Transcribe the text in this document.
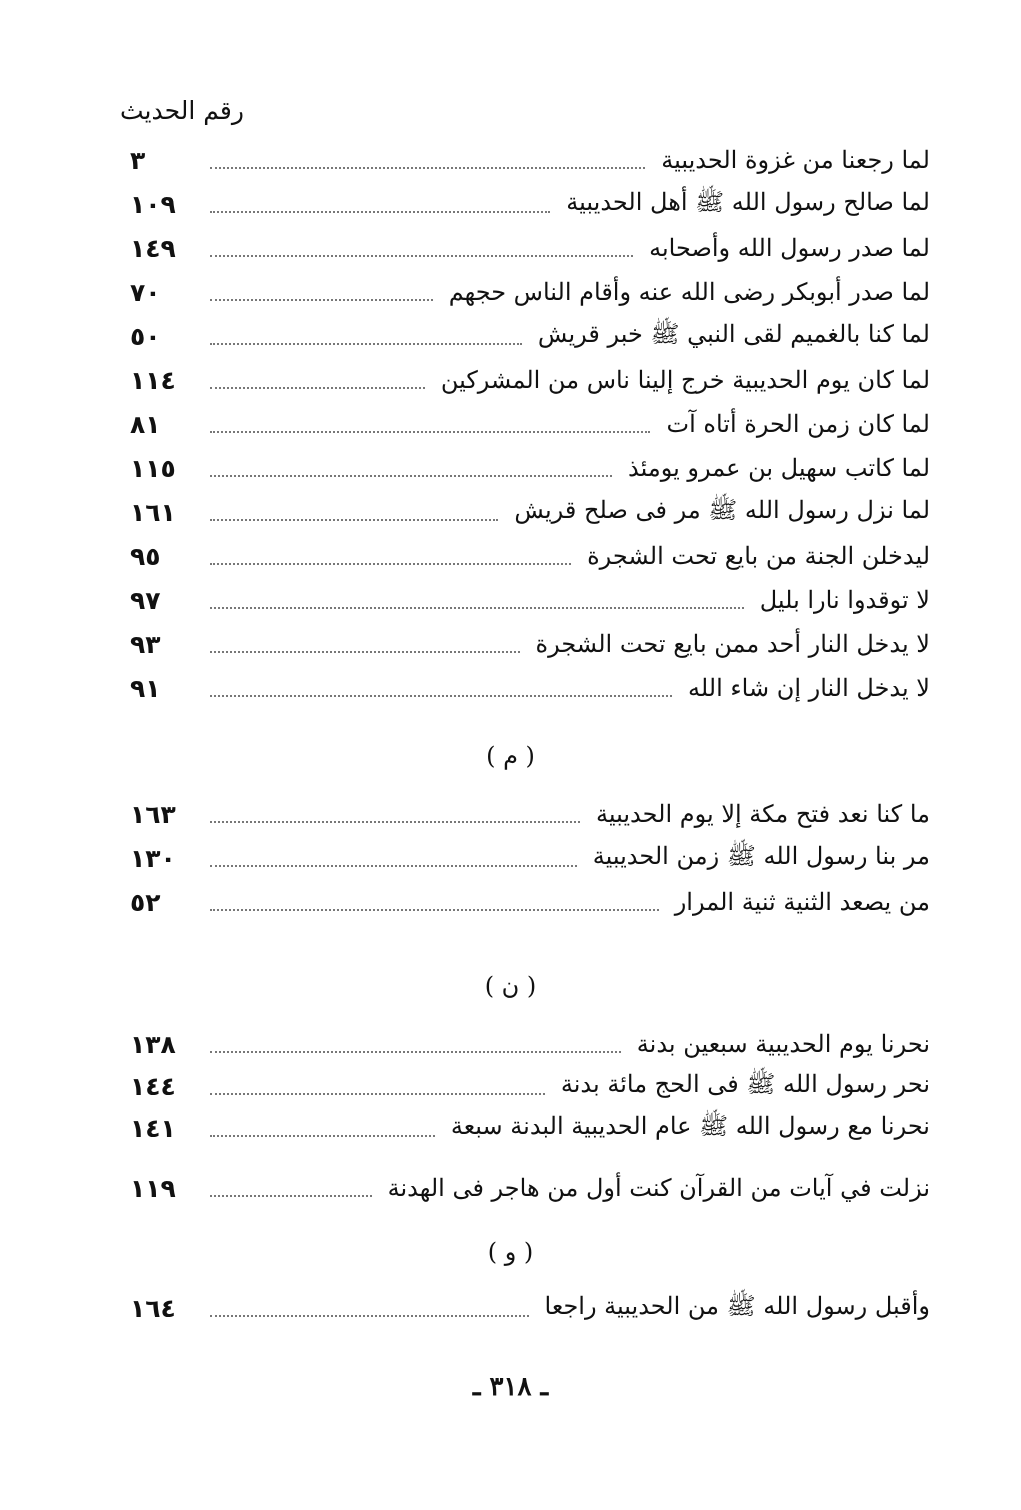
رقم الحديث
لما رجعنا من غزوة الحديبية
٣
لما صالح رسول الله ﷺ أهل الحديبية
١٠٩
لما صدر رسول الله وأصحابه
١٤٩
لما صدر أبوبكر رضى الله عنه وأقام الناس حجهم
٧٠
لما كنا بالغميم لقى النبي ﷺ خبر قريش
٥٠
لما كان يوم الحديبية خرج إلينا ناس من المشركين
١١٤
لما كان زمن الحرة أتاه آت
٨١
لما كاتب سهيل بن عمرو يومئذ
١١٥
لما نزل رسول الله ﷺ مر فى صلح قريش
١٦١
ليدخلن الجنة من بايع تحت الشجرة
٩٥
لا توقدوا نارا بليل
٩٧
لا يدخل النار أحد ممن بايع تحت الشجرة
٩٣
لا يدخل النار إن شاء الله
٩١
( م )
ما كنا نعد فتح مكة إلا يوم الحديبية
١٦٣
مر بنا رسول الله ﷺ زمن الحديبية
١٣٠
من يصعد الثنية ثنية المرار
٥٢
( ن )
نحرنا يوم الحديبية سبعين بدنة
١٣٨
نحر رسول الله ﷺ فى الحج مائة بدنة
١٤٤
نحرنا مع رسول الله ﷺ عام الحديبية البدنة سبعة
١٤١
نزلت في آيات من القرآن كنت أول من هاجر فى الهدنة
١١٩
( و )
وأقبل رسول الله ﷺ من الحديبية راجعا
١٦٤
ـ ٣١٨ ـ
